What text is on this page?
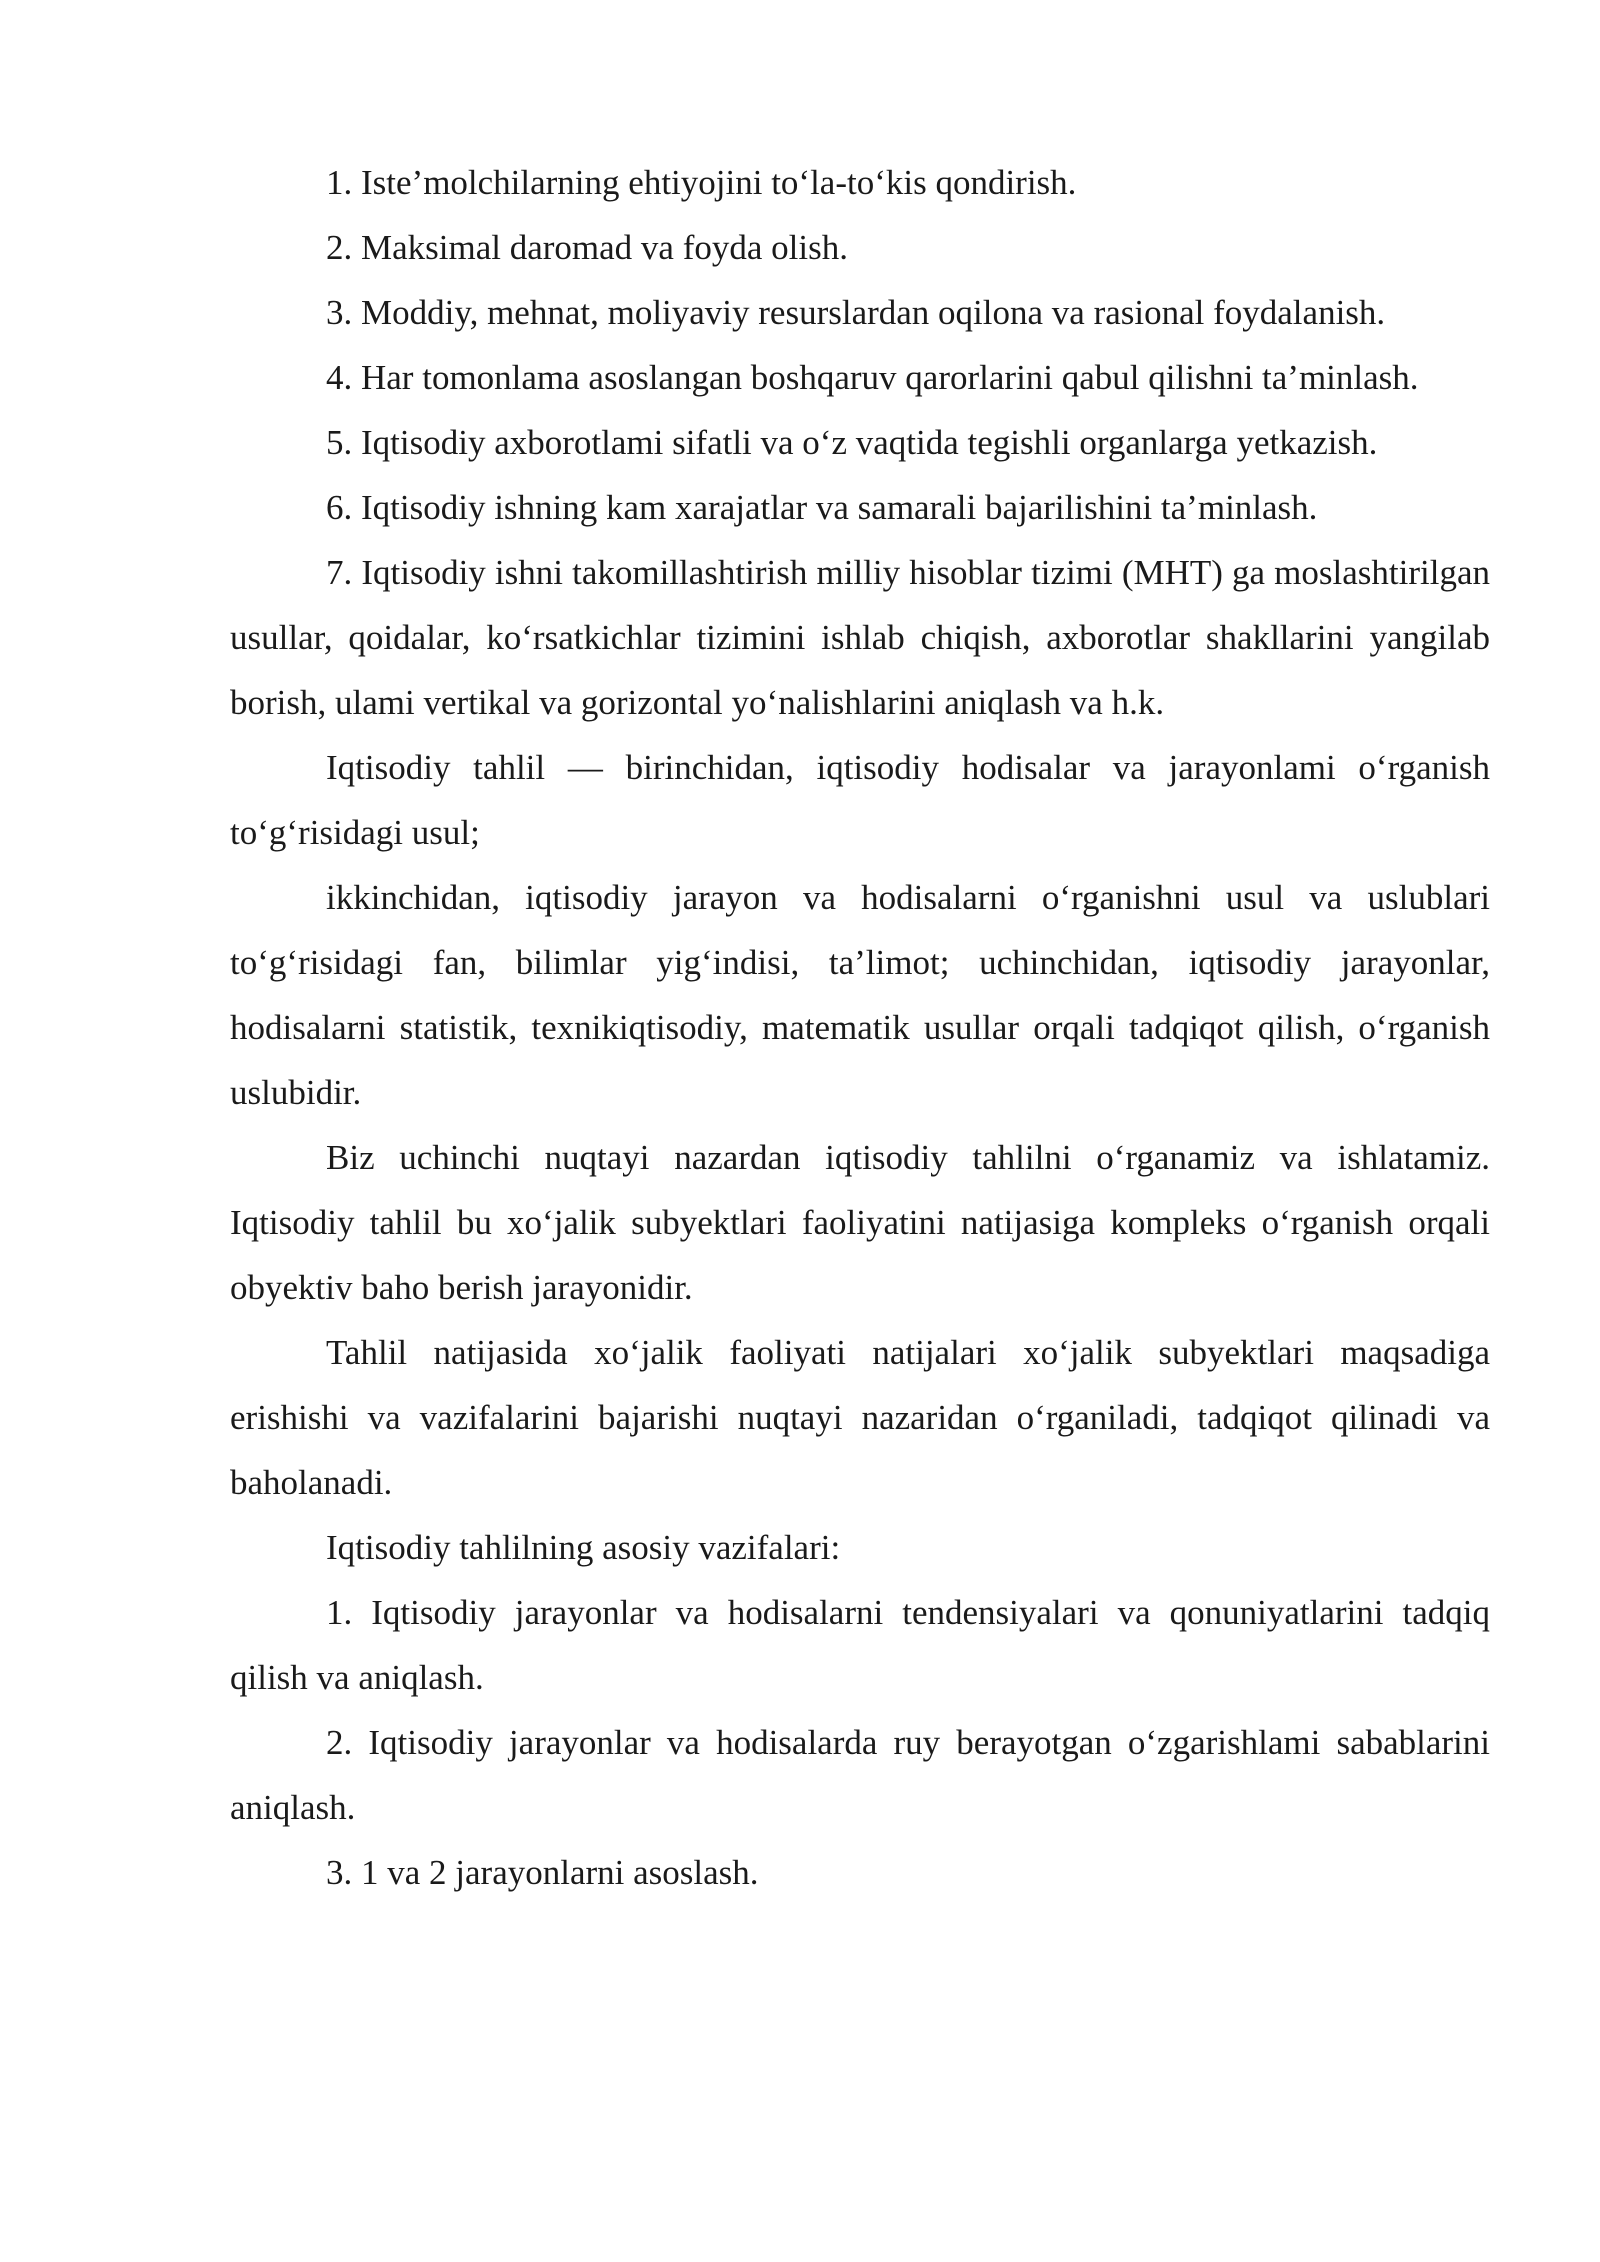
1. Iste’molchilarning ehtiyojini to‘la-to‘kis qondirish.

2. Maksimal daromad va foyda olish.

3. Moddiy, mehnat, moliyaviy resurslardan oqilona va rasional foydalanish.

4. Har tomonlama asoslangan boshqaruv qarorlarini qabul qilishni ta’minlash.

5. Iqtisodiy axborotlami sifatli va o‘z vaqtida tegishli organlarga yetkazish.

6. Iqtisodiy ishning kam xarajatlar va samarali bajarilishini ta’minlash.

7. Iqtisodiy ishni takomillashtirish milliy hisoblar tizimi (MHT) ga moslashtirilgan usullar, qoidalar, ko‘rsatkichlar tizimini ishlab chiqish, axborotlar shakllarini yangilab borish, ulami vertikal va gorizontal yo‘nalishlarini aniqlash va h.k.

Iqtisodiy tahlil — birinchidan, iqtisodiy hodisalar va jarayonlami o‘rganish to‘g‘risidagi usul;

ikkinchidan, iqtisodiy jarayon va hodisalarni o‘rganishni usul va uslublari to‘g‘risidagi fan, bilimlar yig‘indisi, ta’limot; uchinchidan, iqtisodiy jarayonlar, hodisalarni statistik, texnikiqtisodiy, matematik usullar orqali tadqiqot qilish, o‘rganish uslubidir.

Biz uchinchi nuqtayi nazardan iqtisodiy tahlilni o‘rganamiz va ishlatamiz. Iqtisodiy tahlil bu xo‘jalik subyektlari faoliyatini natijasiga kompleks o‘rganish orqali obyektiv baho berish jarayonidir.

Tahlil natijasida xo‘jalik faoliyati natijalari xo‘jalik subyektlari maqsadiga erishishi va vazifalarini bajarishi nuqtayi nazaridan o‘rganiladi, tadqiqot qilinadi va baholanadi.

Iqtisodiy tahlilning asosiy vazifalari:

1. Iqtisodiy jarayonlar va hodisalarni tendensiyalari va qonuniyatlarini tadqiq qilish va aniqlash.

2. Iqtisodiy jarayonlar va hodisalarda ruy berayotgan o‘zgarishlami sabablarini aniqlash.

3. 1 va 2 jarayonlarni asoslash.
